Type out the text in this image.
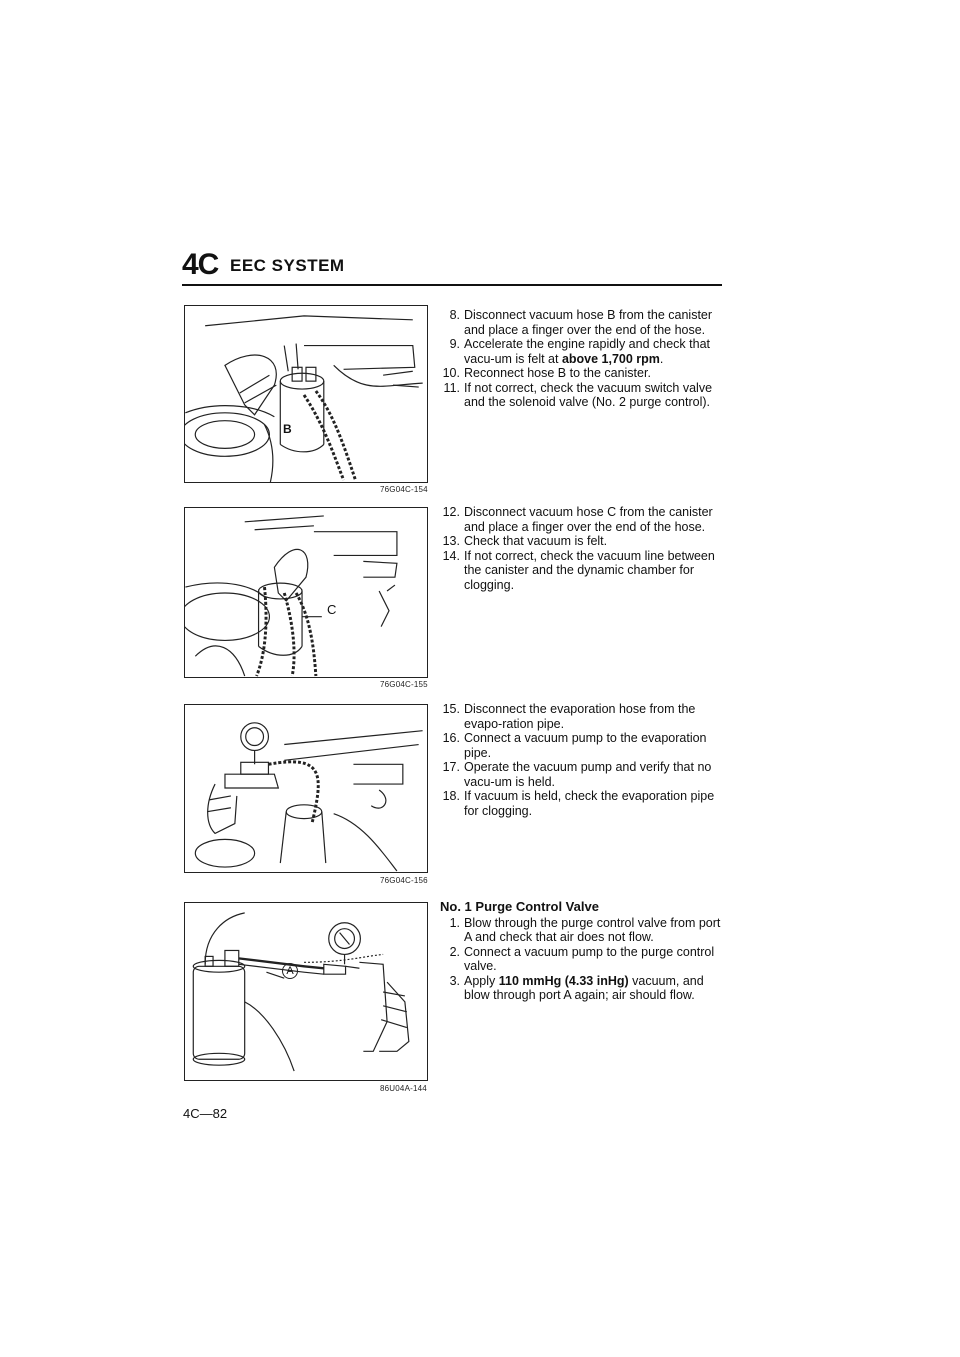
4C EEC SYSTEM
B
76G04C-154
C
76G04C-155
76G04C-156
A
86U04A-144

8. Disconnect vacuum hose B from the canister and place a finger over the end of the hose.

9. Accelerate the engine rapidly and check that vacu-um is felt at above 1,700 rpm.

10. Reconnect hose B to the canister.

11. If not correct, check the vacuum switch valve and the solenoid valve (No. 2 purge control).

12. Disconnect vacuum hose C from the canister and place a finger over the end of the hose.

13. Check that vacuum is felt.

14. If not correct, check the vacuum line between the canister and the dynamic chamber for clogging.

15. Disconnect the evaporation hose from the evapo-ration pipe.

16. Connect a vacuum pump to the evaporation pipe.

17. Operate the vacuum pump and verify that no vacu-um is held.

18. If vacuum is held, check the evaporation pipe for clogging.

No. 1 Purge Control Valve

1. Blow through the purge control valve from port A and check that air does not flow.

2. Connect a vacuum pump to the purge control valve.

3. Apply 110 mmHg (4.33 inHg) vacuum, and blow through port A again; air should flow.

4C—82
